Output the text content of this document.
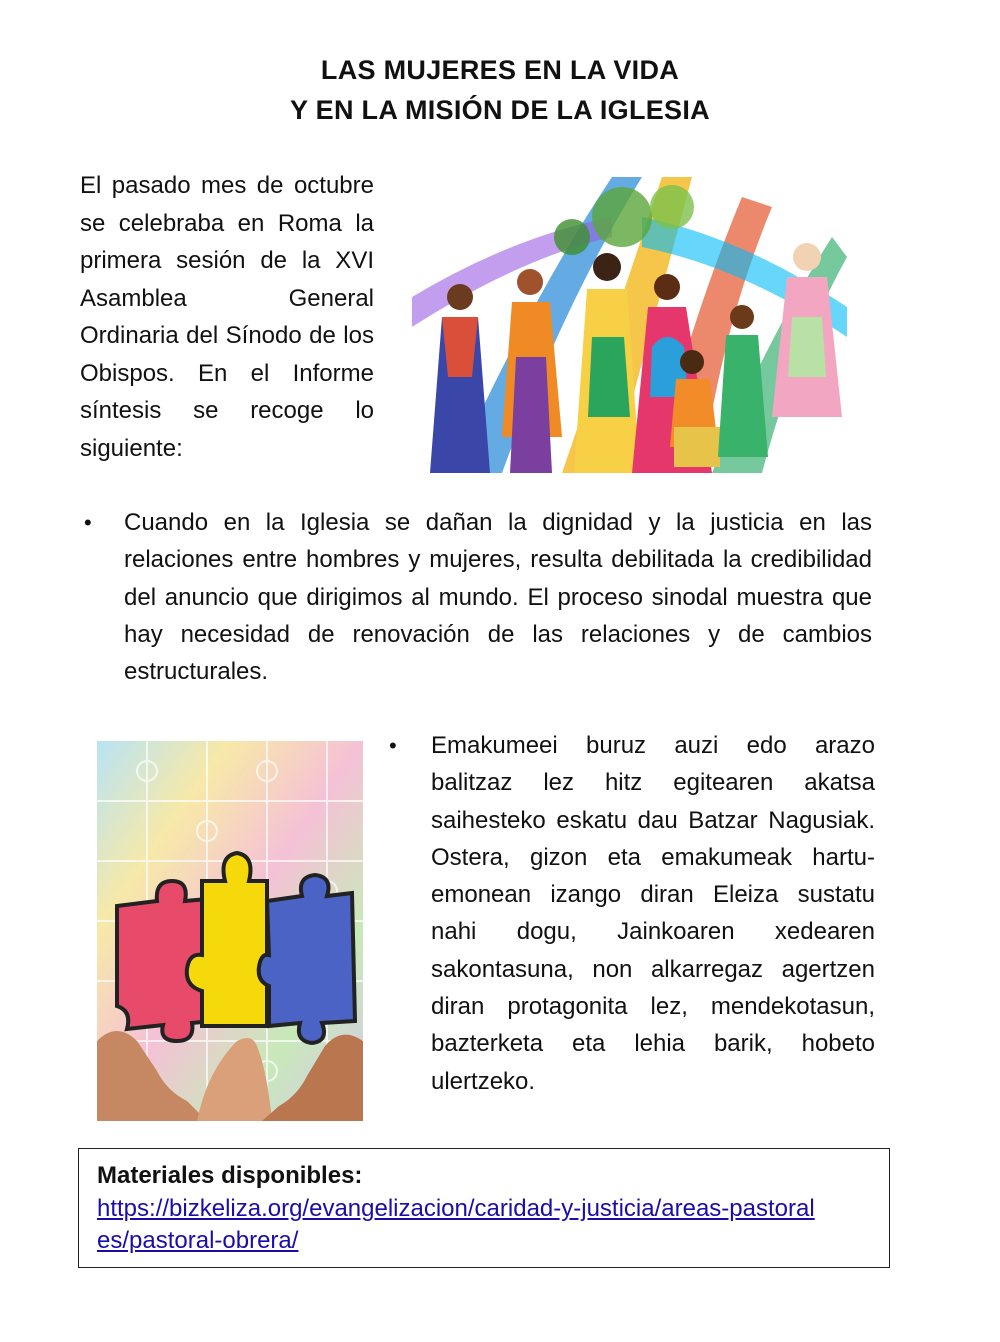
LAS MUJERES EN LA VIDA
Y EN LA MISIÓN DE LA IGLESIA

El pasado mes de octubre se celebraba en Roma la primera sesión de la XVI Asamblea General Ordinaria del Sínodo de los Obispos. En el Informe síntesis se recoge lo siguiente:

• Cuando en la Iglesia se dañan la dignidad y la justicia en las relaciones entre hombres y mujeres, resulta debilitada la credibilidad del anuncio que dirigimos al mundo. El proceso sinodal muestra que hay necesidad de renovación de las relaciones y de cambios estructurales.
• Emakumeei buruz auzi edo arazo balitzaz lez hitz egitearen akatsa saihesteko eskatu dau Batzar Nagusiak. Ostera, gizon eta emakumeak hartu-emonean izango diran Eleiza sustatu nahi dogu, Jainkoaren xedearen sakontasuna, non alkarregaz agertzen diran protagonita lez, mendekotasun, bazterketa eta lehia barik, hobeto ulertzeko.
Materiales disponibles:
https://bizkeliza.org/evangelizacion/caridad-y-justicia/areas-pastorales/pastoral-obrera/
